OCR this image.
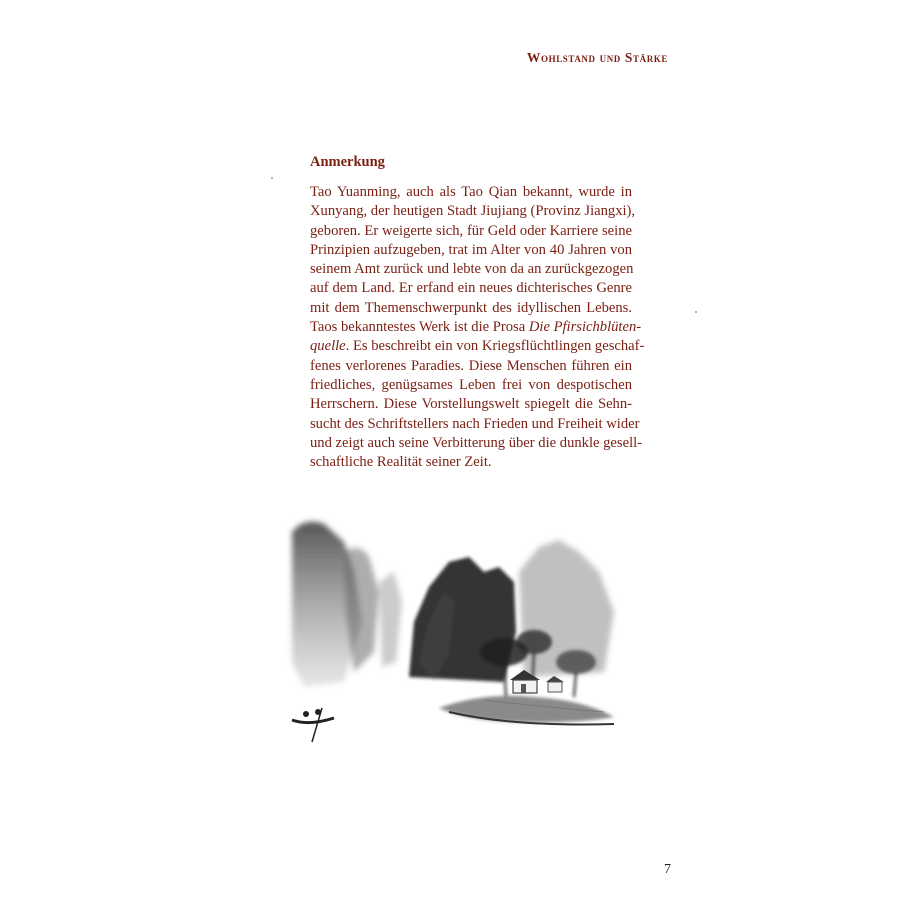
Wohlstand und Stärke
Anmerkung

Tao Yuanming, auch als Tao Qian bekannt, wurde in
Xunyang, der heutigen Stadt Jiujiang (Provinz Jiangxi),
geboren. Er weigerte sich, für Geld oder Karriere seine
Prinzipien aufzugeben, trat im Alter von 40 Jahren von
seinem Amt zurück und lebte von da an zurückgezogen
auf dem Land. Er erfand ein neues dichterisches Genre
mit dem Themenschwerpunkt des idyllischen Lebens.
Taos bekanntestes Werk ist die Prosa Die Pfirsichblüten-
quelle. Es beschreibt ein von Kriegsflüchtlingen geschaf-
fenes verlorenes Paradies. Diese Menschen führen ein
friedliches, genügsames Leben frei von despotischen
Herrschern. Diese Vorstellungswelt spiegelt die Sehn-
sucht des Schriftstellers nach Frieden und Freiheit wider
und zeigt auch seine Verbitterung über die dunkle gesell-
schaftliche Realität seiner Zeit.

7
